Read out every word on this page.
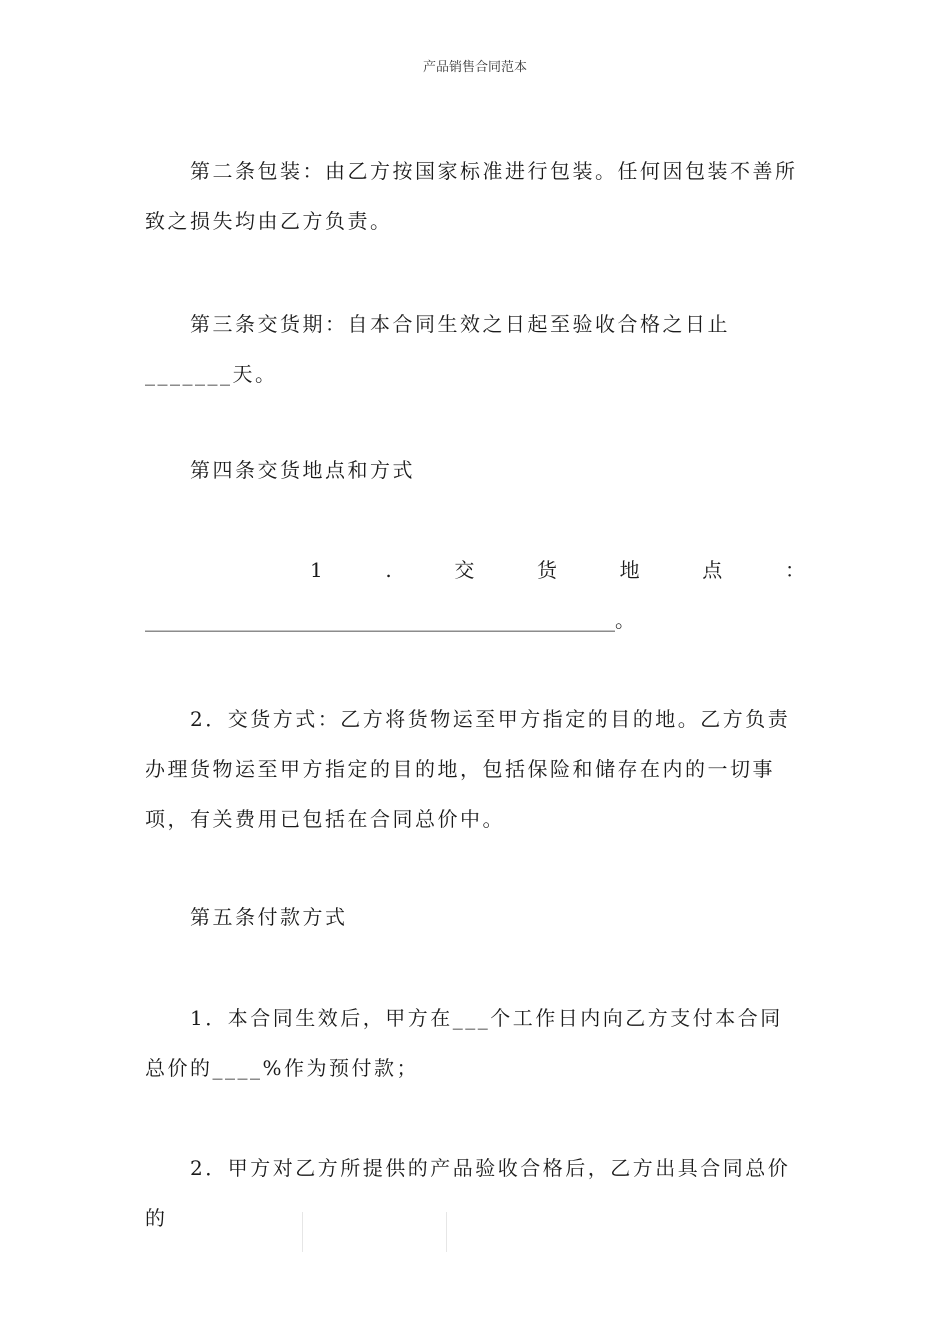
产品销售合同范本

第二条包装：由乙方按国家标准进行包装。任何因包装不善所致之损失均由乙方负责。

第三条交货期：自本合同生效之日起至验收合格之日止_______天。

第四条交货地点和方式

1	.	交	货	地	点	：

_______________________________________________。

2．交货方式：乙方将货物运至甲方指定的目的地。乙方负责办理货物运至甲方指定的目的地，包括保险和储存在内的一切事项，有关费用已包括在合同总价中。

第五条付款方式

1．本合同生效后，甲方在___个工作日内向乙方支付本合同总价的____%作为预付款；

2．甲方对乙方所提供的产品验收合格后，乙方出具合同总价的
